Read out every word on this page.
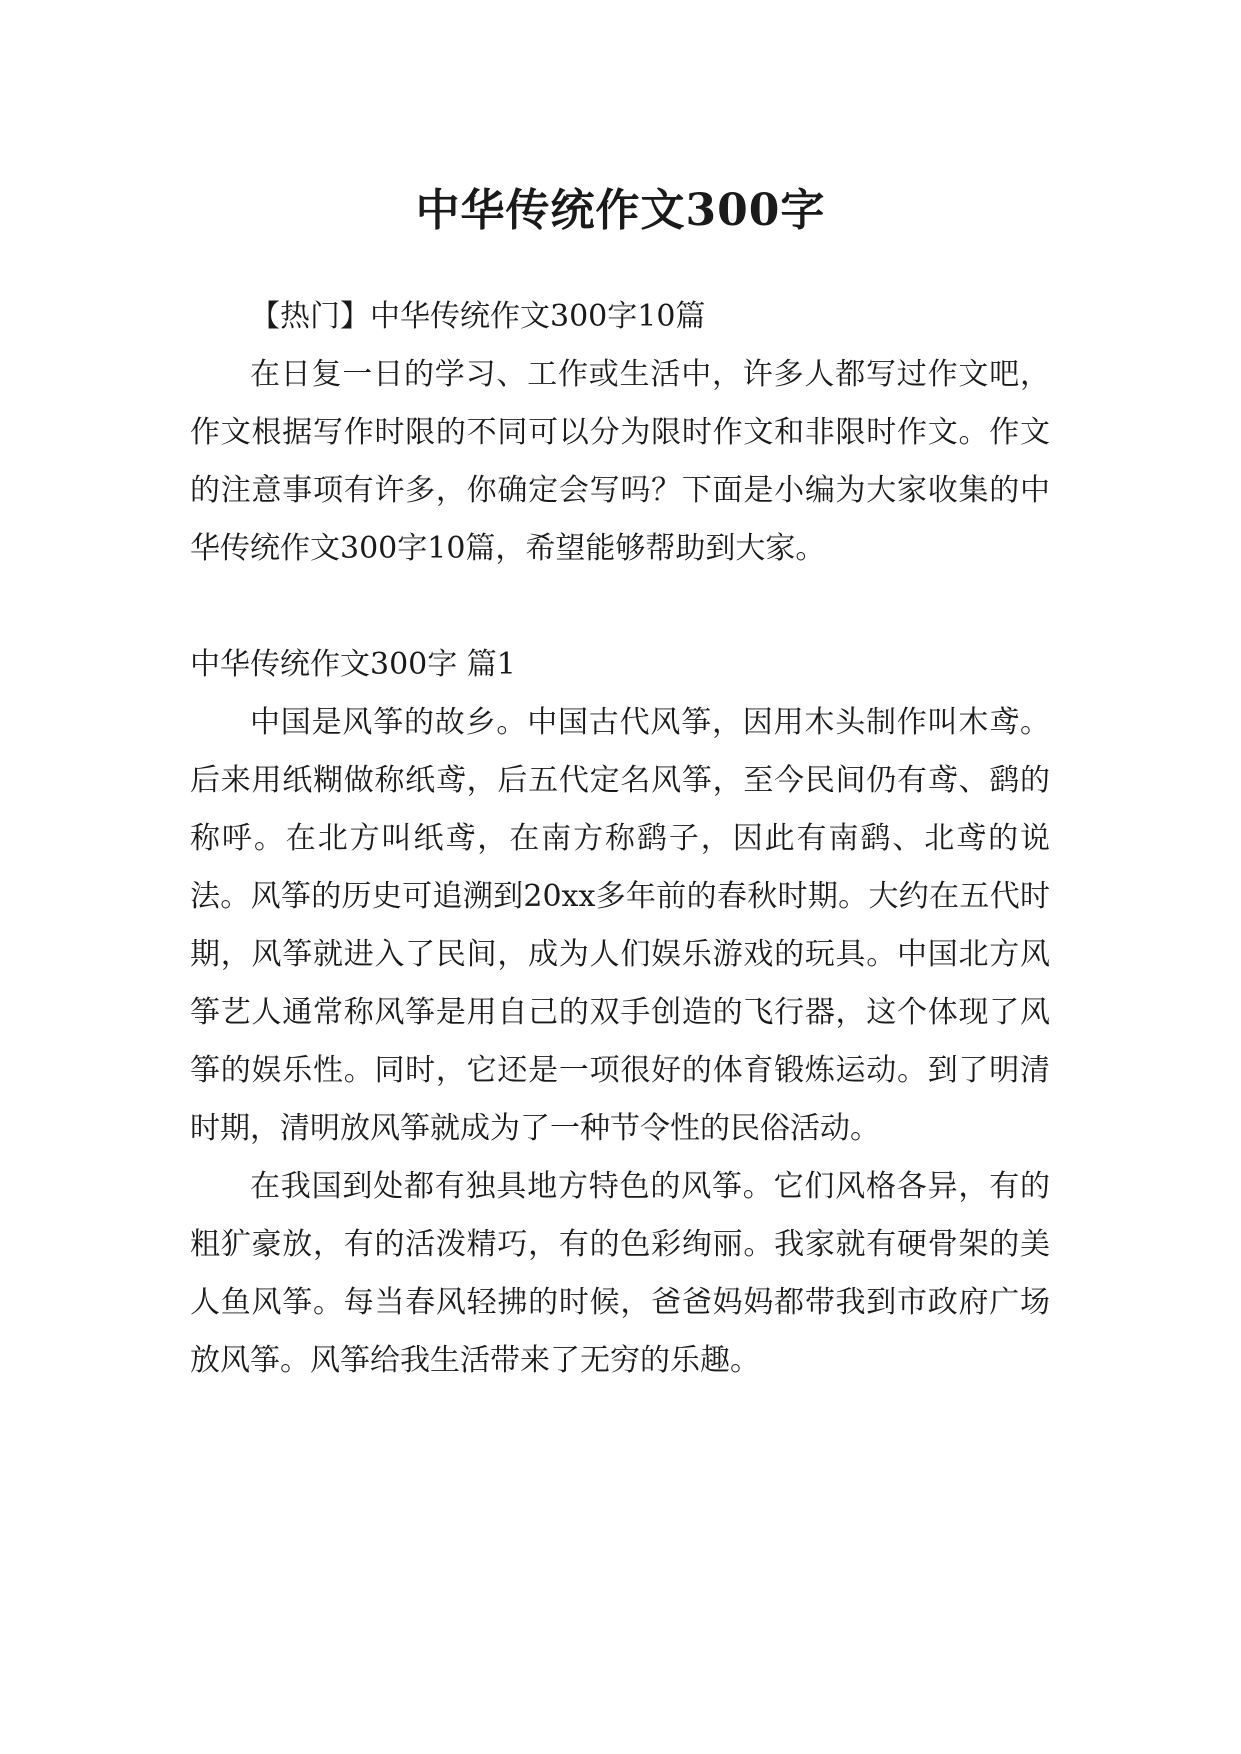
中华传统作文300字

【热门】中华传统作文300字10篇

在日复一日的学习、工作或生活中，许多人都写过作文吧，作文根据写作时限的不同可以分为限时作文和非限时作文。作文的注意事项有许多，你确定会写吗？下面是小编为大家收集的中华传统作文300字10篇，希望能够帮助到大家。

中华传统作文300字 篇1

中国是风筝的故乡。中国古代风筝，因用木头制作叫木鸢。后来用纸糊做称纸鸢，后五代定名风筝，至今民间仍有鸢、鹞的称呼。在北方叫纸鸢，在南方称鹞子，因此有南鹞、北鸢的说法。风筝的历史可追溯到20xx多年前的春秋时期。大约在五代时期，风筝就进入了民间，成为人们娱乐游戏的玩具。中国北方风筝艺人通常称风筝是用自己的双手创造的飞行器，这个体现了风筝的娱乐性。同时，它还是一项很好的体育锻炼运动。到了明清时期，清明放风筝就成为了一种节令性的民俗活动。

在我国到处都有独具地方特色的风筝。它们风格各异，有的粗犷豪放，有的活泼精巧，有的色彩绚丽。我家就有硬骨架的美人鱼风筝。每当春风轻拂的时候，爸爸妈妈都带我到市政府广场放风筝。风筝给我生活带来了无穷的乐趣。
